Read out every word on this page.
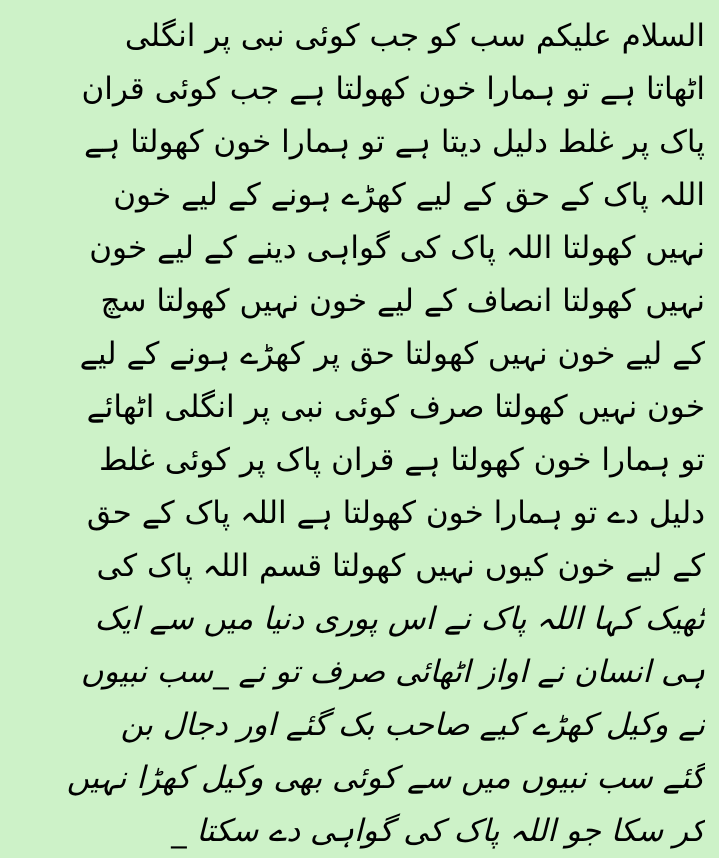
السلام علیکم سب کو جب کوئی نبی پر انگلی
اٹھاتا ہے تو ہمارا خون کھولتا ہے جب کوئی قران
پاک پر غلط دلیل دیتا ہے تو ہمارا خون کھولتا ہے
اللہ پاک کے حق کے لیے کھڑے ہونے کے لیے خون
نہیں کھولتا اللہ پاک کی گواہی دینے کے لیے خون
نہیں کھولتا انصاف کے لیے خون نہیں کھولتا سچ
کے لیے خون نہیں کھولتا حق پر کھڑے ہونے کے لیے
خون نہیں کھولتا صرف کوئی نبی پر انگلی اٹھائے
تو ہمارا خون کھولتا ہے قران پاک پر کوئی غلط
دلیل دے تو ہمارا خون کھولتا ہے اللہ پاک کے حق
کے لیے خون کیوں نہیں کھولتا قسم اللہ پاک کی
ٹھیک کہا اللہ پاک نے اس پوری دنیا میں سے ایک
ہی انسان نے اواز اٹھائی صرف تو نے _سب نبیوں
نے وکیل کھڑے کیے صاحب بک گئے اور دجال بن
گئے سب نبیوں میں سے کوئی بھی وکیل کھڑا نہیں
کر سکا جو اللہ پاک کی گواہی دے سکتا _
